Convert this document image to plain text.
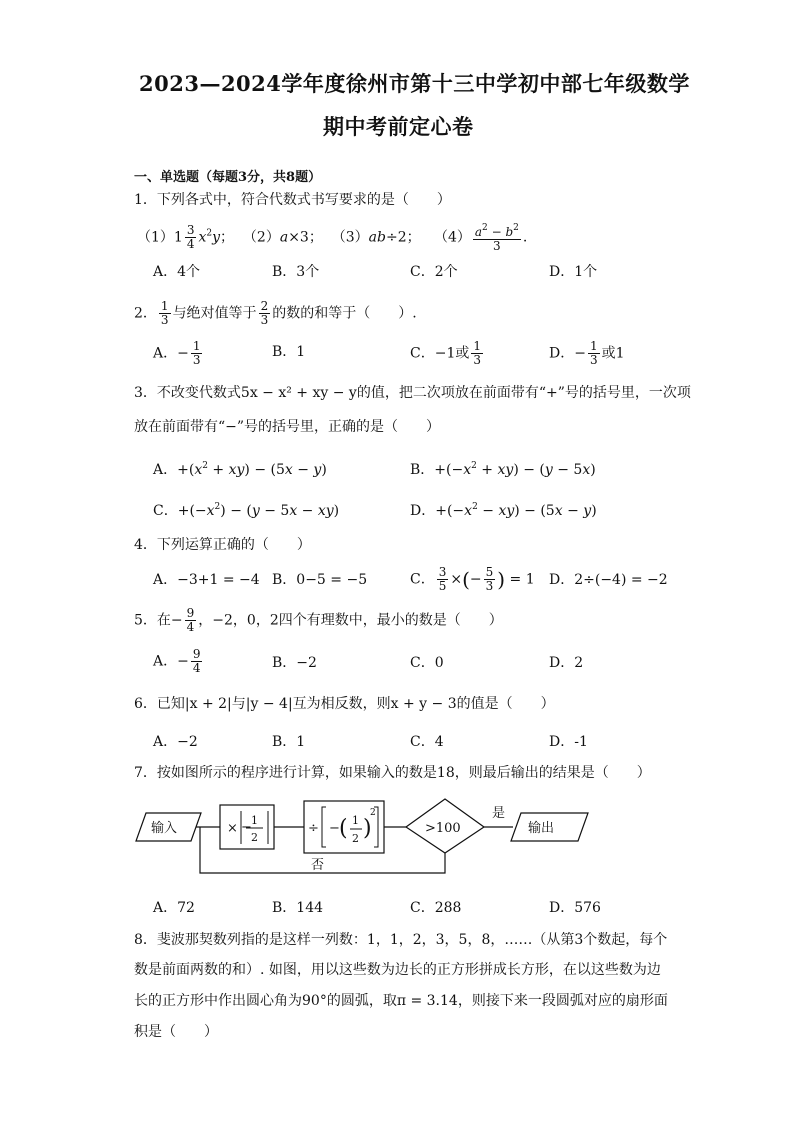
2023—2024学年度徐州市第十三中学初中部七年级数学
期中考前定心卷
一、单选题（每题3分，共8题）
1．下列各式中，符合代数式书写要求的是（　　）
$(1)1 \frac{3}{4} x^2y$；  （2）a×3；  （3）ab÷2；   $(4) \frac{a^2 - b^2}{3}$ .
A．4个	B．3个	C．2个	D．1个
2． $\frac{1}{3}$ 与绝对值等于 $\frac{2}{3}$ 的数的和等于（　　）.
A．− $\frac{1}{3}$	B．1	C．−1或 $\frac{1}{3}$	D．− $\frac{1}{3}$ 或1
3．不改变代数式5x − x² + xy − y的值，把二次项放在前面带有“+”号的括号里，一次项
放在前面带有“−”号的括号里，正确的是（　　）
A．$+(x^2 + xy) - (5x - y)$	B．$+(-x^2 + xy) - (y - 5x)$
C．$+(-x^2) - (y - 5x - xy)$	D．$+(-x^2 - xy) - (5x - y)$
4．下列运算正确的（　　）
A．−3+1 = −4 B．0−5 = −5	C． $\frac{3}{5}$ ×(− $\frac{5}{3}$ ) = 1 D．2÷(−4) = −2
5．在− $\frac{9}{4}$ ，−2，0，2四个有理数中，最小的数是（　　）
A．− $\frac{9}{4}$	B．−2	C．0	D．2
6．已知|x + 2|与|y − 4|互为相反数，则x + y − 3的值是（　　）
A．−2	B．1	C．4	D．-1
7．按如图所示的程序进行计算，如果输入的数是18，则最后输出的结果是（　　）
输入	× − 1
2
÷ − ( 1
2 )
2
>100	输出
是
否
A．72	B．144	C．288	D．576
8．斐波那契数列指的是这样一列数：1，1，2，3，5，8，……（从第3个数起，每个
数是前面两数的和）. 如图，用以这些数为边长的正方形拼成长方形，在以这些数为边
长的正方形中作出圆心角为90°的圆弧，取π = 3.14，则接下来一段圆弧对应的扇形面
积是（　　）
